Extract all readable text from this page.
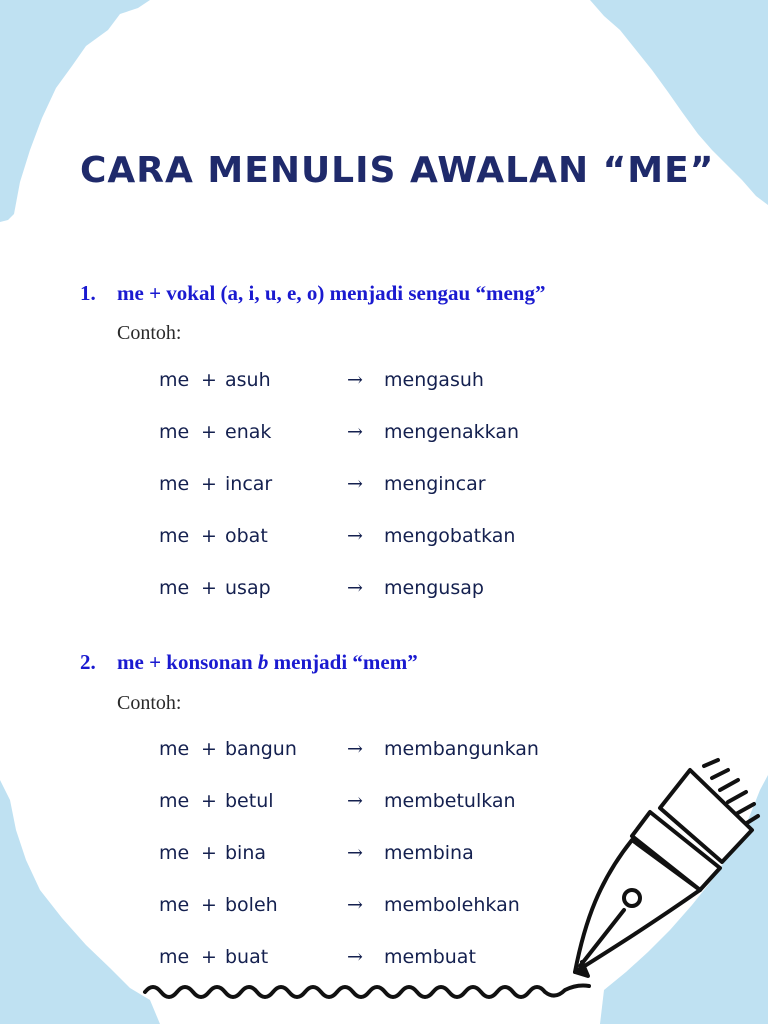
CARA MENULIS AWALAN “ME”
1. me + vokal (a, i, u, e, o) menjadi sengau “meng”
Contoh:
me + asuh	→ mengasuh
me + enak	→ mengenakkan
me + incar	→ mengincar
me + obat	→ mengobatkan
me + usap	→ mengusap
2. me + konsonan b menjadi “mem”
Contoh:
me + bangun	→ membangunkan
me + betul	→ membetulkan
me + bina	→ membina
me + boleh	→ membolehkan
me + buat	→ membuat
